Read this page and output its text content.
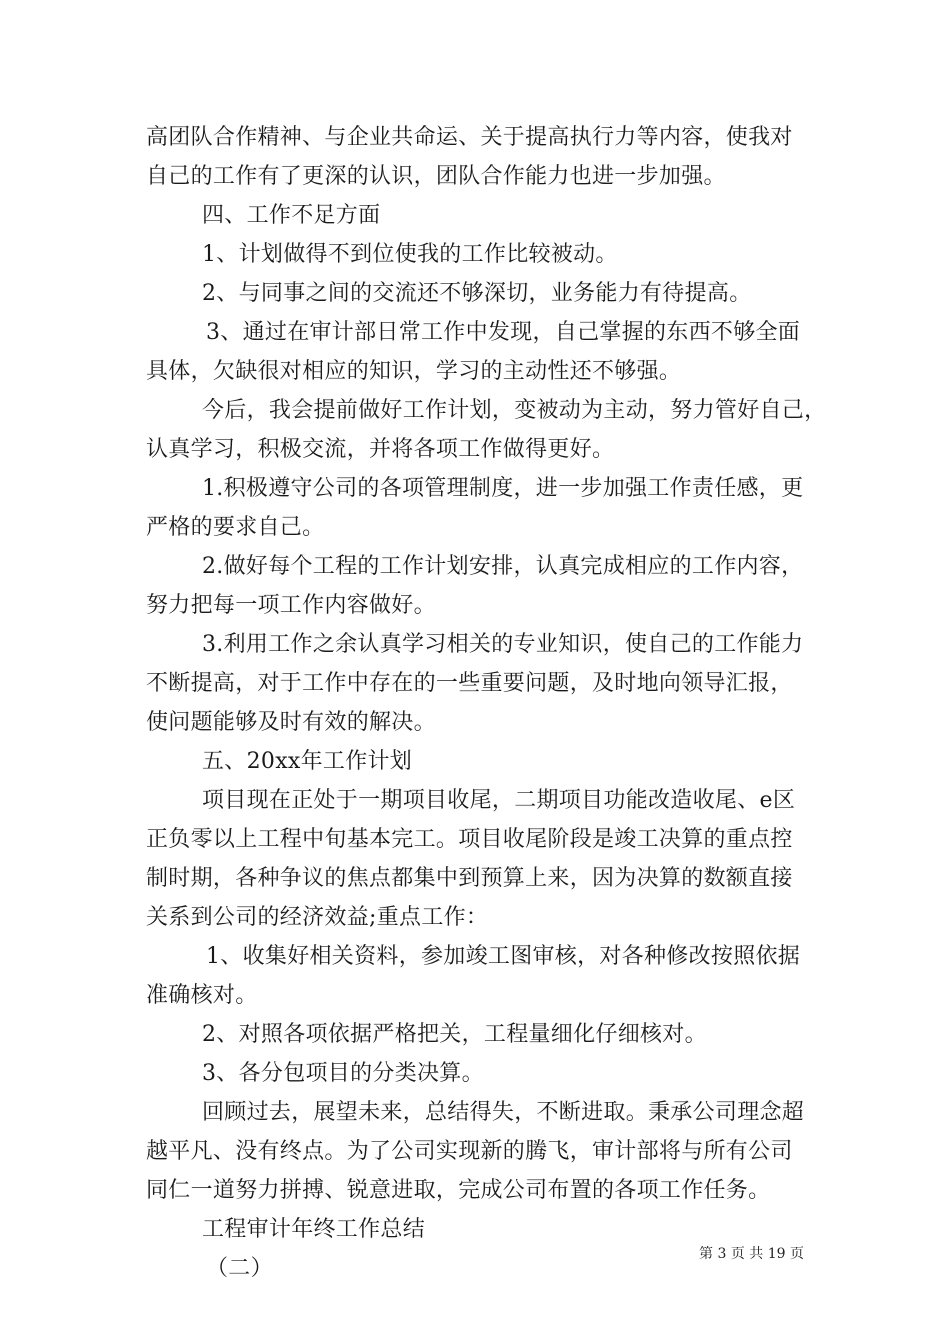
高团队合作精神、与企业共命运、关于提高执行力等内容，使我对
自己的工作有了更深的认识，团队合作能力也进一步加强。
四、工作不足方面
1、计划做得不到位使我的工作比较被动。
2、与同事之间的交流还不够深切，业务能力有待提高。
3、通过在审计部日常工作中发现，自己掌握的东西不够全面
具体，欠缺很对相应的知识，学习的主动性还不够强。
今后，我会提前做好工作计划，变被动为主动，努力管好自己，
认真学习，积极交流，并将各项工作做得更好。
1.积极遵守公司的各项管理制度，进一步加强工作责任感，更
严格的要求自己。
2.做好每个工程的工作计划安排，认真完成相应的工作内容，
努力把每一项工作内容做好。
3.利用工作之余认真学习相关的专业知识，使自己的工作能力
不断提高，对于工作中存在的一些重要问题，及时地向领导汇报，
使问题能够及时有效的解决。
五、20xx年工作计划
项目现在正处于一期项目收尾，二期项目功能改造收尾、e区
正负零以上工程中旬基本完工。项目收尾阶段是竣工决算的重点控
制时期，各种争议的焦点都集中到预算上来，因为决算的数额直接
关系到公司的经济效益;重点工作：
1、收集好相关资料，参加竣工图审核，对各种修改按照依据
准确核对。
2、对照各项依据严格把关，工程量细化仔细核对。
3、各分包项目的分类决算。
回顾过去，展望未来，总结得失，不断进取。秉承公司理念超
越平凡、没有终点。为了公司实现新的腾飞，审计部将与所有公司
同仁一道努力拼搏、锐意进取，完成公司布置的各项工作任务。
工程审计年终工作总结
（二）
第 3 页 共 19 页
